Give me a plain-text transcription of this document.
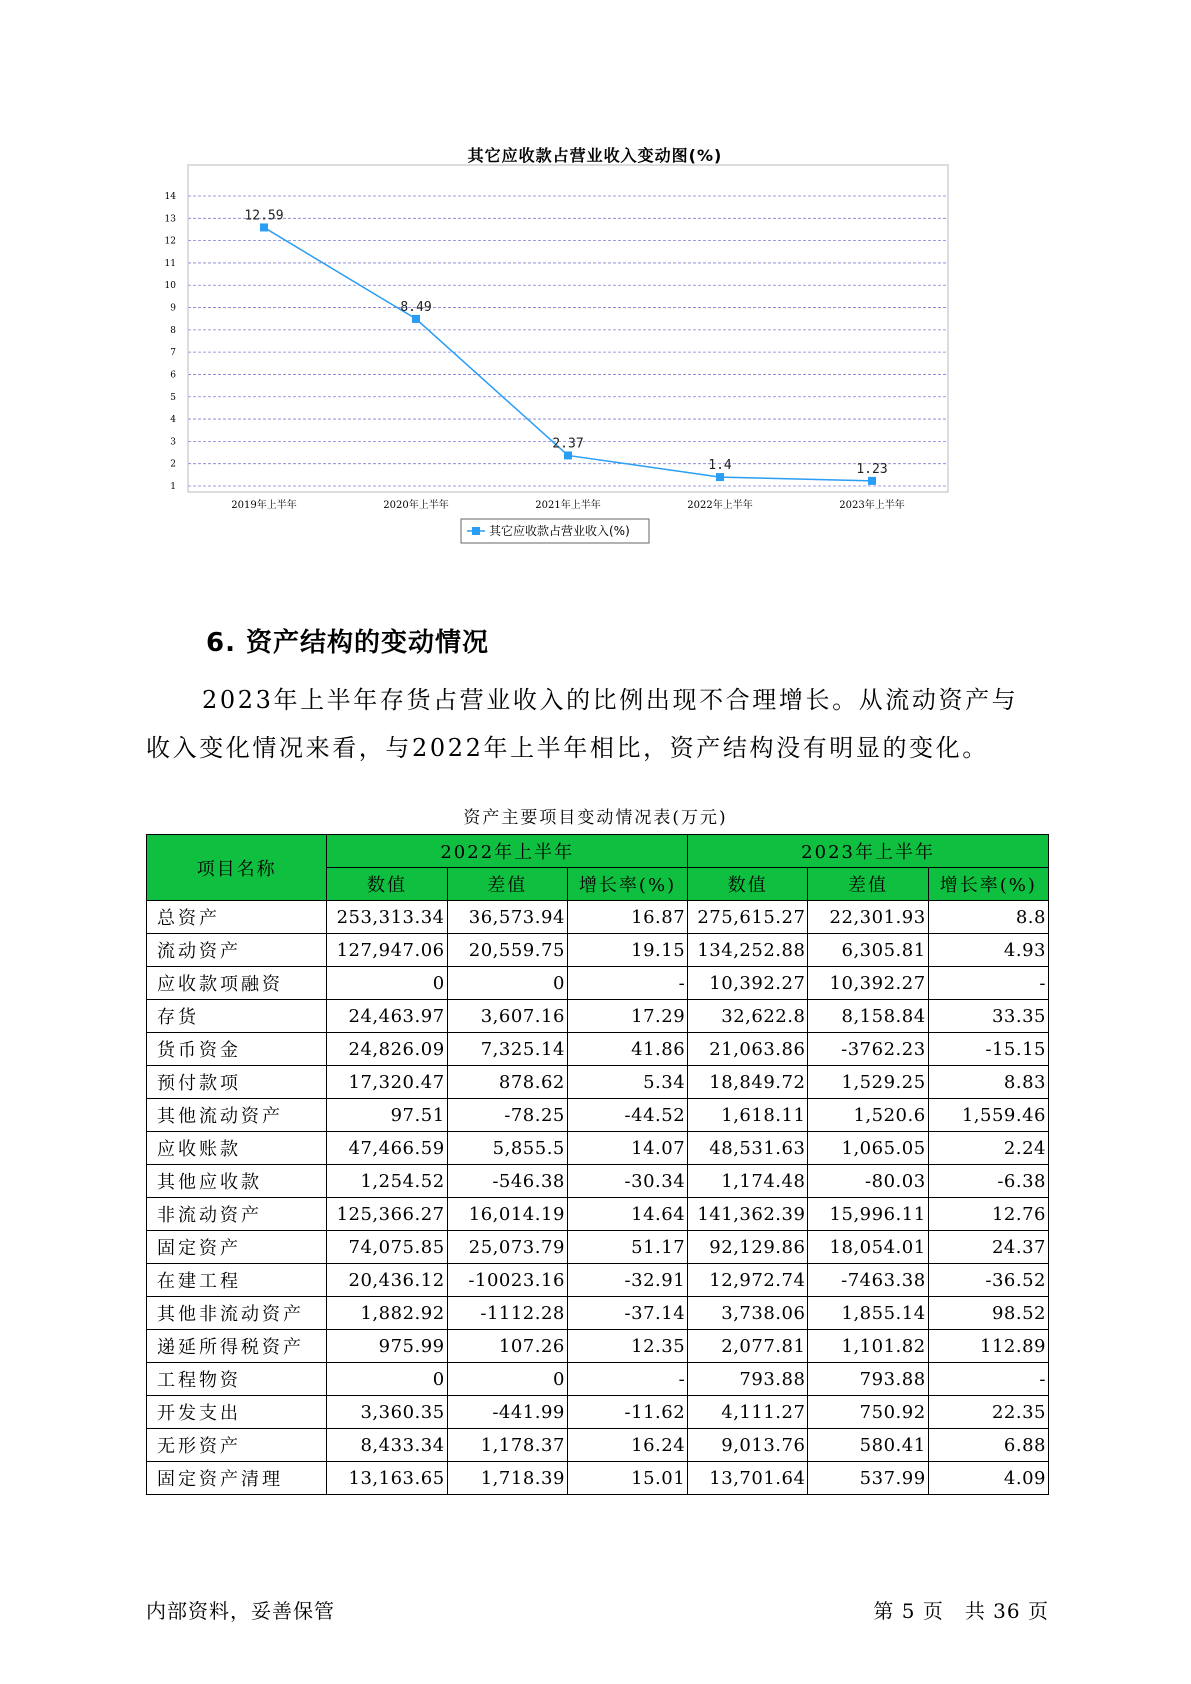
1
2
3
4
5
6
7
8
9
10
11
12
13
14
2019年上半年	2020年上半年	2021年上半年	2022年上半年	2023年上半年
12.59
8.49
2.37
1.4	1.23
其它应收款占营业收入(%)
其它应收款占营业收入变动图(%)
6. 资产结构的变动情况
2023年上半年存货占营业收入的比例出现不合理增长。从流动资产与
收入变化情况来看，与2022年上半年相比，资产结构没有明显的变化。
资产主要项目变动情况表(万元)
项目名称	2022年上半年			2023年上半年		
	数值	差值	增长率(%)	数值	差值	增长率(%)
总资产	253,313.34	36,573.94	16.87	275,615.27	22,301.93	8.8
流动资产	127,947.06	20,559.75	19.15	134,252.88	6,305.81	4.93
应收款项融资	0	0	-	10,392.27	10,392.27	-
存货	24,463.97	3,607.16	17.29	32,622.8	8,158.84	33.35
货币资金	24,826.09	7,325.14	41.86	21,063.86	-3762.23	-15.15
预付款项	17,320.47	878.62	5.34	18,849.72	1,529.25	8.83
其他流动资产	97.51	-78.25	-44.52	1,618.11	1,520.6	1,559.46
应收账款	47,466.59	5,855.5	14.07	48,531.63	1,065.05	2.24
其他应收款	1,254.52	-546.38	-30.34	1,174.48	-80.03	-6.38
非流动资产	125,366.27	16,014.19	14.64	141,362.39	15,996.11	12.76
固定资产	74,075.85	25,073.79	51.17	92,129.86	18,054.01	24.37
在建工程	20,436.12	-10023.16	-32.91	12,972.74	-7463.38	-36.52
其他非流动资产	1,882.92	-1112.28	-37.14	3,738.06	1,855.14	98.52
递延所得税资产	975.99	107.26	12.35	2,077.81	1,101.82	112.89
工程物资	0	0	-	793.88	793.88	-
开发支出	3,360.35	-441.99	-11.62	4,111.27	750.92	22.35
无形资产	8,433.34	1,178.37	16.24	9,013.76	580.41	6.88
固定资产清理	13,163.65	1,718.39	15.01	13,701.64	537.99	4.09
内部资料，妥善保管	第 5 页　共 36 页
